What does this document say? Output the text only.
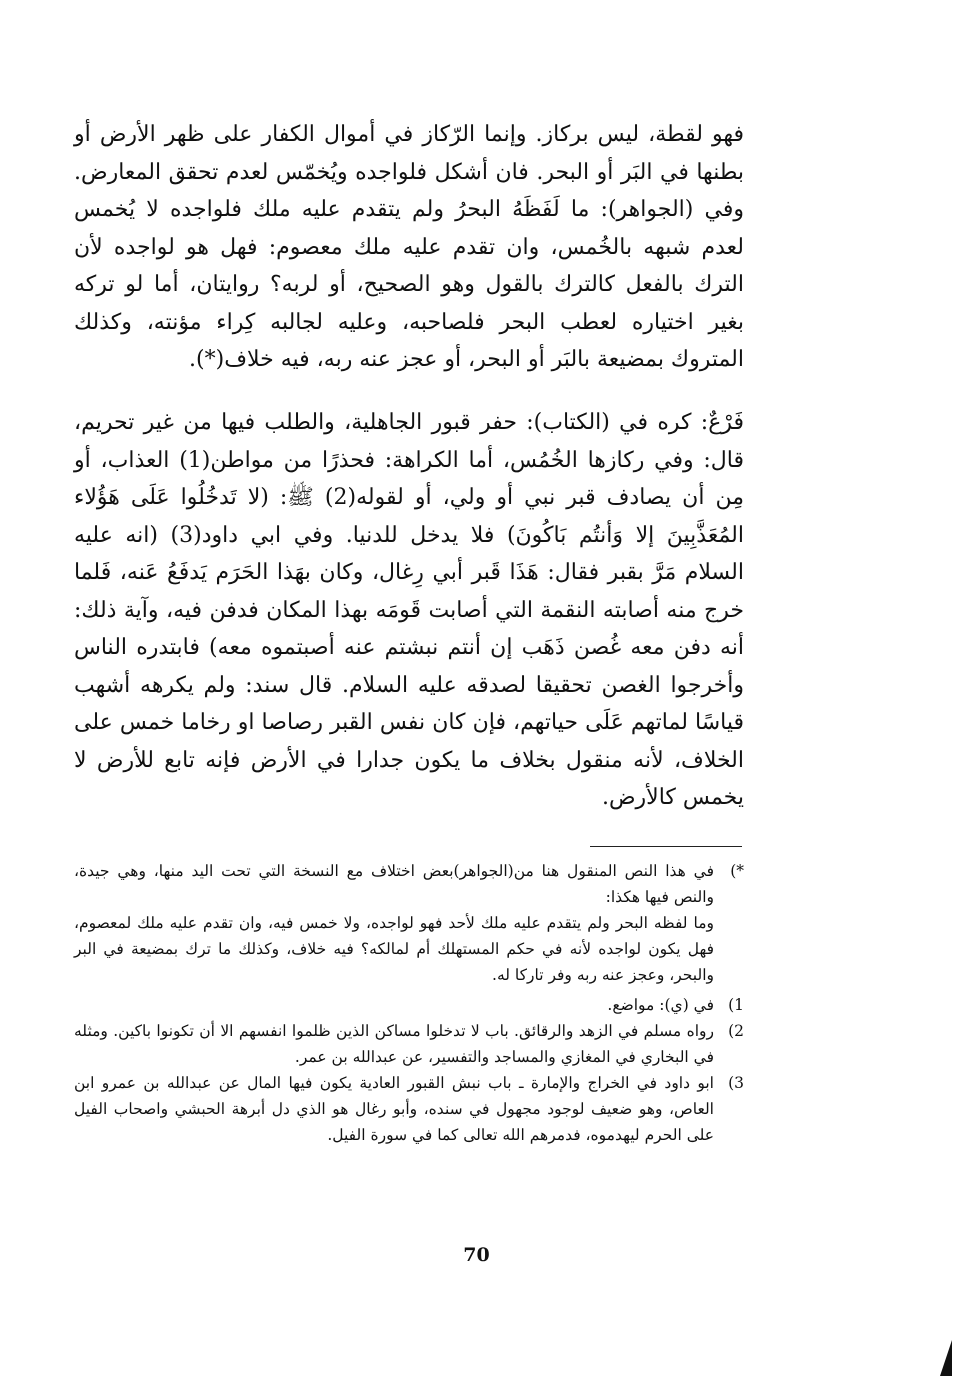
فهو لقطة، ليس بركاز. وإنما الرّكاز في أموال الكفار على ظهر الأرض أو بطنها في البَر أو البحر. فان أشكل فلواجده ويُخمّس لعدم تحقق المعارض. وفي (الجواهر): ما لَفَظَهُ البحرُ ولم يتقدم عليه ملك فلواجده لا يُخمس لعدم شبهه بالخُمس، وان تقدم عليه ملك معصوم: فهل هو لواجده لأن الترك بالفعل كالترك بالقول وهو الصحيح، أو لربه؟ روايتان، أما لو تركه بغير اختياره لعطب البحر فلصاحبه، وعليه لجالبه كِراء مؤنته، وكذلك المتروك بمضيعة بالبَر أو البحر، أو عجز عنه ربه، فيه خلاف(*).

فَرْعٌ: كره في (الكتاب): حفر قبور الجاهلية، والطلب فيها من غير تحريم، قال: وفي ركازها الخُمُس، أما الكراهة: فحذرًا من مواطن(1) العذاب، أو مِن أن يصادف قبر نبي أو ولي، أو لقوله(2) ﷺ: (لا تَدخُلُوا عَلَى هَؤُلاء المُعَذَّبِينَ إلا وَأنتُم بَاكُونَ) فلا يدخل للدنيا. وفي ابي داود(3) (انه عليه السلام مَرَّ بقبر فقال: هَذَا قَبر أبي رِغال، وكان بهَذا الحَرَم يَدفَعُ عَنه، فَلما خرج منه أصابته النقمة التي أصابت قَومَه بهذا المكان فدفن فيه، وآية ذلك: أنه دفن معه غُصن ذَهَب إن أنتم نبشتم عنه أصبتموه معه) فابتدره الناس وأخرجوا الغصن تحقيقا لصدقه عليه السلام. قال سند: ولم يكرهه أشهب قياسًا لماتهم عَلَى حياتهم، فإن كان نفس القبر رصاصا او رخاما خمس على الخلاف، لأنه منقول بخلاف ما يكون جدارا في الأرض فإنه تابع للأرض لا يخمس كالأرض.

*)
في هذا النص المنقول هنا من(الجواهر)بعض اختلاف مع النسخة التي تحت اليد منها، وهي جيدة، والنص فيها هكذا:
وما لفظه البحر ولم يتقدم عليه ملك لأحد فهو لواجده، ولا خمس فيه، وان تقدم عليه ملك لمعصوم، فهل يكون لواجده لأنه في حكم المستهلك أم لمالكه؟ فيه خلاف، وكذلك ما ترك بمضيعة في البر والبحر، وعجز عنه ربه وفر تاركا له.
1)
في (ي): مواضع.
2)
رواه مسلم في الزهد والرقائق. باب لا تدخلوا مساكن الذين ظلموا انفسهم الا أن تكونوا باكين. ومثله في البخاري في المغازي والمساجد والتفسير، عن عبدالله بن عمر.
3)
ابو داود في الخراج والإمارة ـ باب نبش القبور العادية يكون فيها المال عن عبدالله بن عمرو ابن العاص، وهو ضعيف لوجود مجهول في سنده، وأبو رغال هو الذي دل أبرهة الحبشي واصحاب الفيل على الحرم ليهدموه، فدمرهم الله تعالى كما في سورة الفيل.
70
